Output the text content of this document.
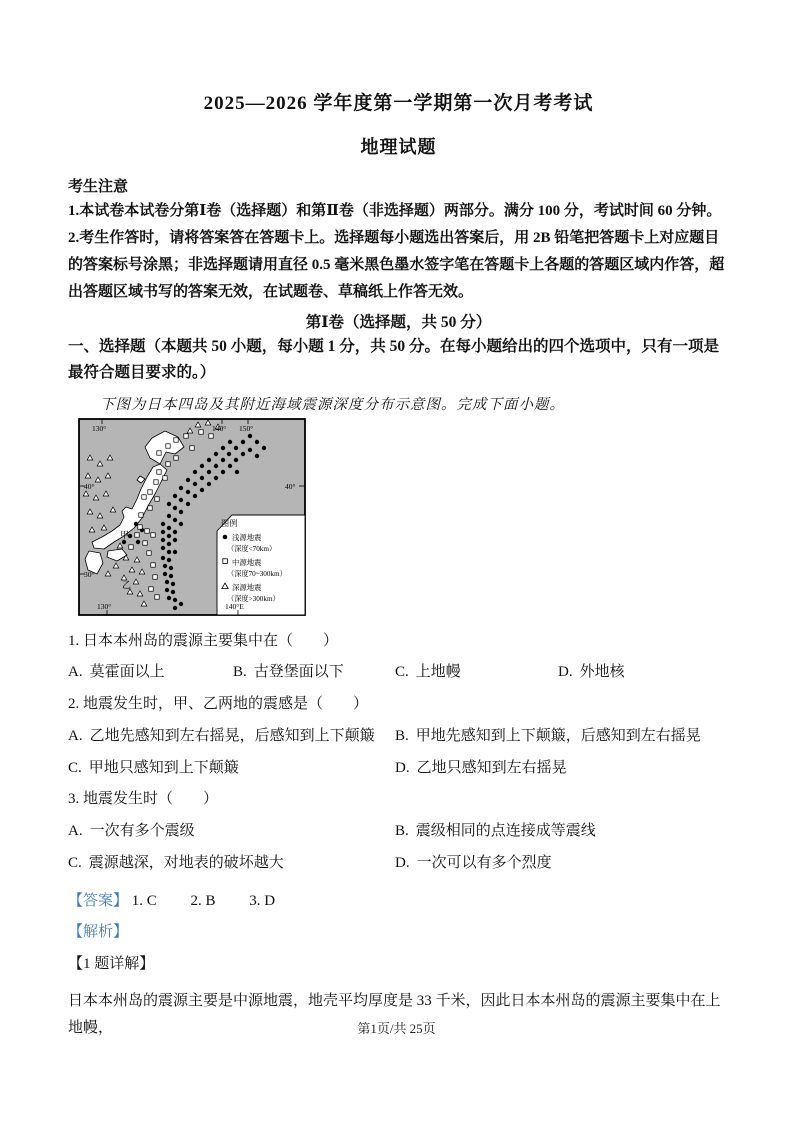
2025—2026 学年度第一学期第一次月考考试
地理试题
考生注意

1.本试卷本试卷分第Ⅰ卷（选择题）和第Ⅱ卷（非选择题）两部分。满分 100 分，考试时间 60 分钟。

2.考生作答时，请将答案答在答题卡上。选择题每小题选出答案后，用 2B 铅笔把答题卡上对应题目的答案标号涂黑；非选择题请用直径 0.5 毫米黑色墨水签字笔在答题卡上各题的答题区域内作答，超出答题区域书写的答案无效，在试题卷、草稿纸上作答无效。

第Ⅰ卷（选择题，共 50 分）
一、选择题（本题共 50 小题，每小题 1 分，共 50 分。在每小题给出的四个选项中，只有一项是最符合题目要求的。）
下图为日本四岛及其附近海域震源深度分布示意图。完成下面小题。
甲
乙
图例
浅源地震
（深度<70km）
中源地震
（深度70~300km）
深源地震
（深度>300km）
130°	140° 150°
40°
30°
40°
130°	140°E
1. 日本本州岛的震源主要集中在（　　）
A. 莫霍面以上	B. 古登堡面以下	C. 上地幔	D. 外地核
2. 地震发生时，甲、乙两地的震感是（　　）
A. 乙地先感知到左右摇晃，后感知到上下颠簸	B. 甲地先感知到上下颠簸，后感知到左右摇晃
C. 甲地只感知到上下颠簸	D. 乙地只感知到左右摇晃
3. 地震发生时（　　）
A. 一次有多个震级	B. 震级相同的点连接成等震线
C. 震源越深，对地表的破坏越大	D. 一次可以有多个烈度
【答案】 1. C 2. B 3. D
【解析】
【1 题详解】
日本本州岛的震源主要是中源地震，地壳平均厚度是 33 千米，因此日本本州岛的震源主要集中在上地幔，	第1页/共 25页
